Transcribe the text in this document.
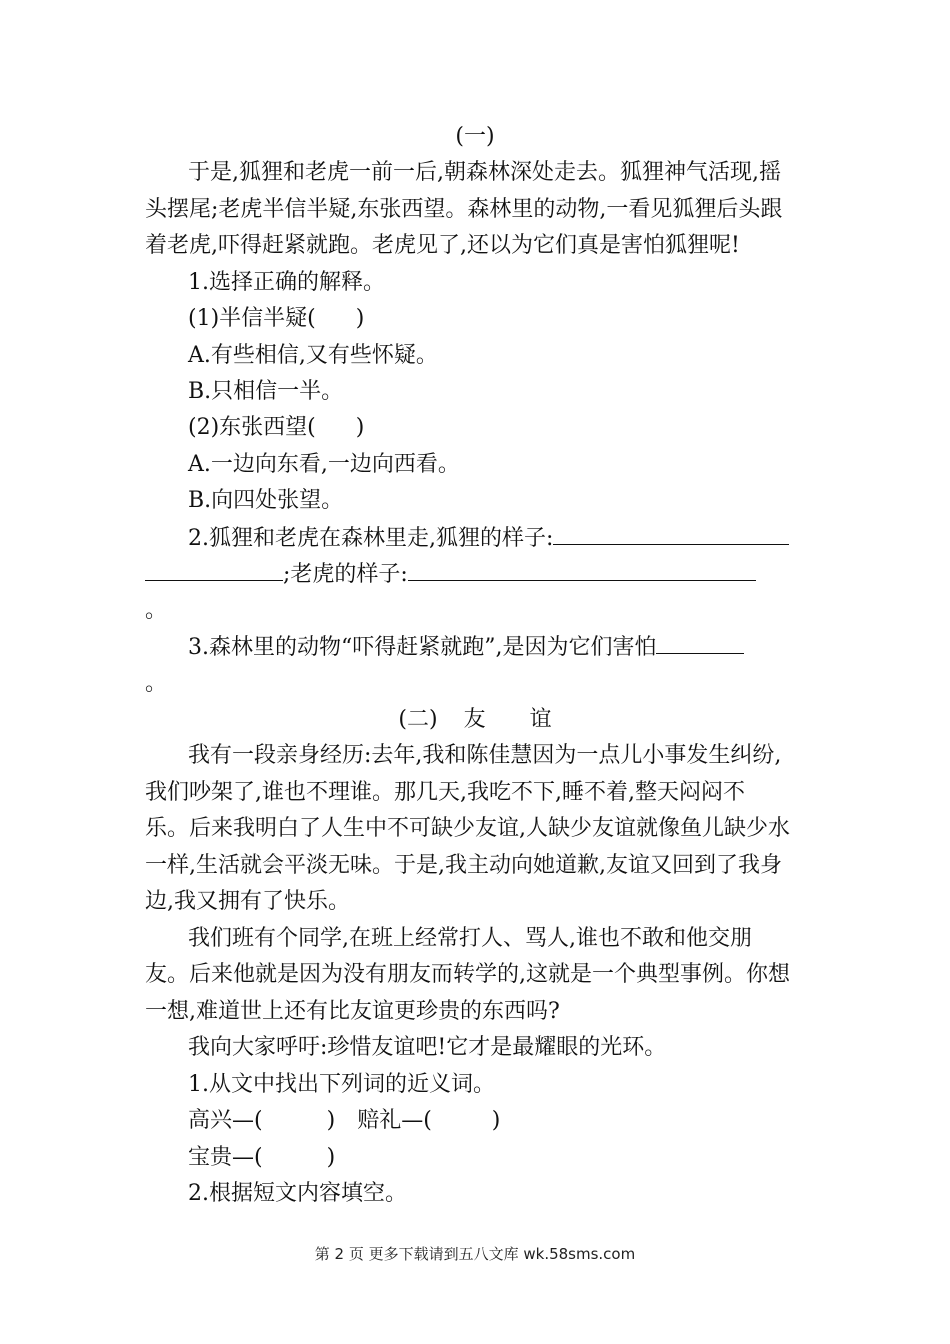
(一)
于是,狐狸和老虎一前一后,朝森林深处走去。狐狸神气活现,摇
头摆尾;老虎半信半疑,东张西望。森林里的动物,一看见狐狸后头跟
着老虎,吓得赶紧就跑。老虎见了,还以为它们真是害怕狐狸呢!
1.选择正确的解释。
(1)半信半疑( )
A.有些相信,又有些怀疑。
B.只相信一半。
(2)东张西望( )
A.一边向东看,一边向西看。
B.向四处张望。
2.狐狸和老虎在森林里走,狐狸的样子:
;老虎的样子:
。
3.森林里的动物“吓得赶紧就跑”,是因为它们害怕
。
(二) 友 谊
我有一段亲身经历:去年,我和陈佳慧因为一点儿小事发生纠纷,
我们吵架了,谁也不理谁。那几天,我吃不下,睡不着,整天闷闷不
乐。后来我明白了人生中不可缺少友谊,人缺少友谊就像鱼儿缺少水
一样,生活就会平淡无味。于是,我主动向她道歉,友谊又回到了我身
边,我又拥有了快乐。
我们班有个同学,在班上经常打人、骂人,谁也不敢和他交朋
友。后来他就是因为没有朋友而转学的,这就是一个典型事例。你想
一想,难道世上还有比友谊更珍贵的东西吗?
我向大家呼吁:珍惜友谊吧!它才是最耀眼的光环。
1.从文中找出下列词的近义词。
高兴—(	) 赔礼—(	)
宝贵—(	)
2.根据短文内容填空。
第 2 页 更多下载请到五八文库 wk.58sms.com
